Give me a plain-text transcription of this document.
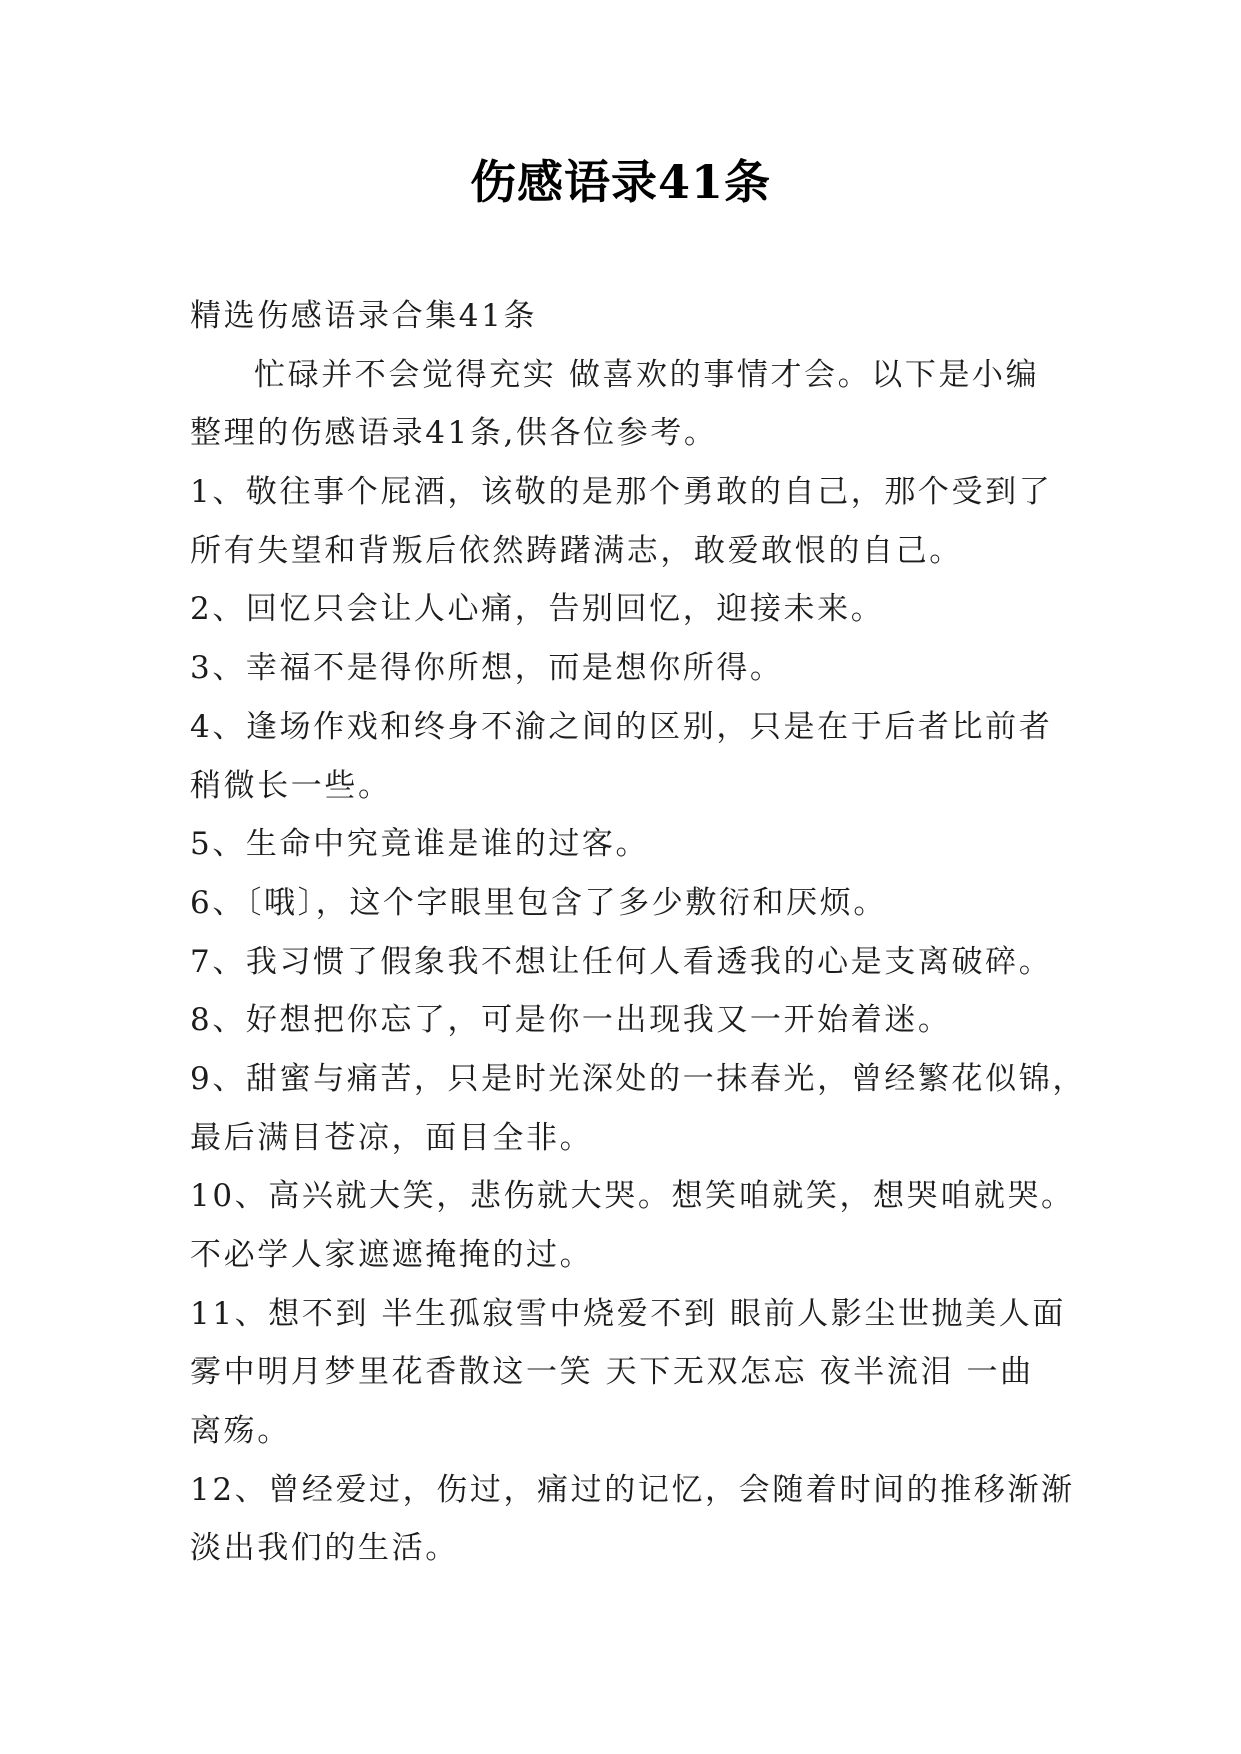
伤感语录41条
精选伤感语录合集41条
忙碌并不会觉得充实 做喜欢的事情才会。以下是小编
整理的伤感语录41条,供各位参考。
1、敬往事个屁酒，该敬的是那个勇敢的自己，那个受到了
所有失望和背叛后依然踌躇满志，敢爱敢恨的自己。
2、回忆只会让人心痛，告别回忆，迎接未来。
3、幸福不是得你所想，而是想你所得。
4、逢场作戏和终身不渝之间的区别，只是在于后者比前者
稍微长一些。
5、生命中究竟谁是谁的过客。
6、〔哦〕，这个字眼里包含了多少敷衍和厌烦。
7、我习惯了假象我不想让任何人看透我的心是支离破碎。
8、好想把你忘了，可是你一出现我又一开始着迷。
9、甜蜜与痛苦，只是时光深处的一抹春光，曾经繁花似锦，
最后满目苍凉，面目全非。
10、高兴就大笑，悲伤就大哭。想笑咱就笑，想哭咱就哭。
不必学人家遮遮掩掩的过。
11、想不到 半生孤寂雪中烧爱不到 眼前人影尘世抛美人面
雾中明月梦里花香散这一笑 天下无双怎忘 夜半流泪 一曲
离殇。
12、曾经爱过，伤过，痛过的记忆，会随着时间的推移渐渐
淡出我们的生活。
